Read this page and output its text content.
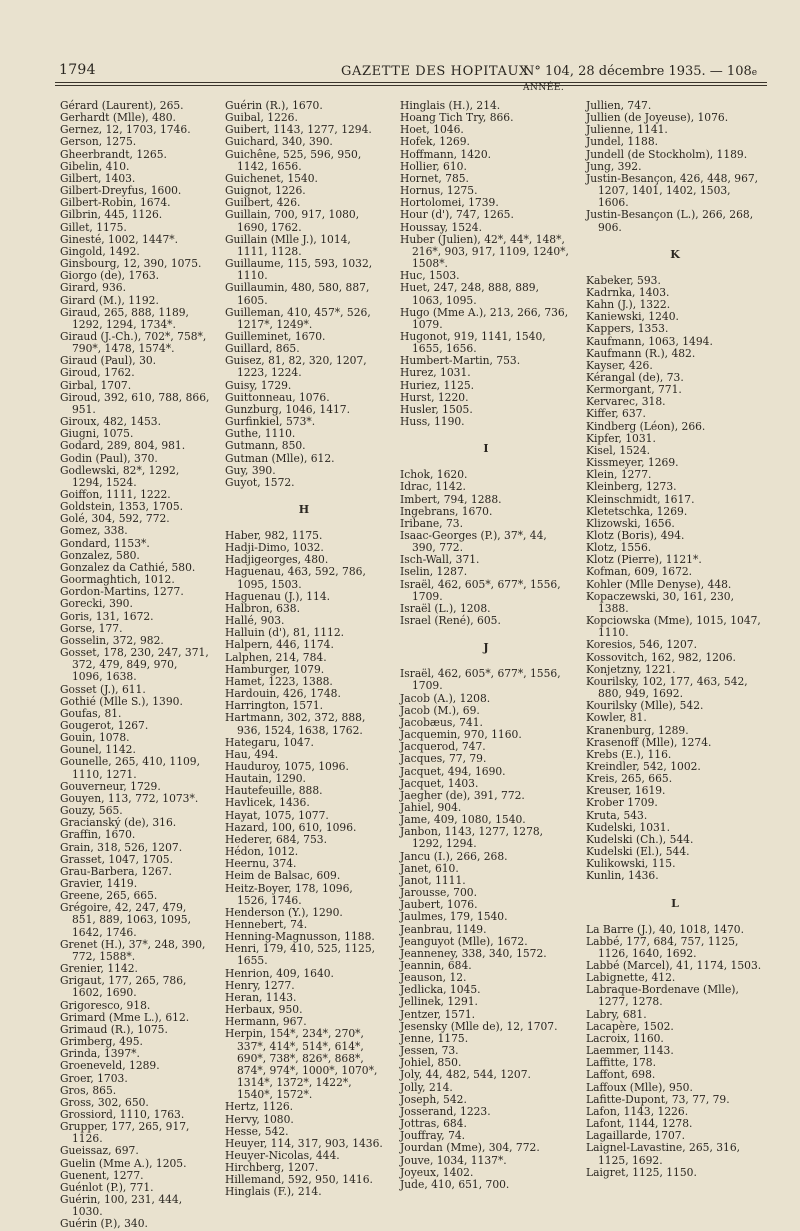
1794	GAZETTE DES HOPITAUX
N° 104, 28 décembre 1935. — 108e ANNÉE.
Gérard (Laurent), 265.
Gerhardt (Mlle), 480.
Gernez, 12, 1703, 1746.
Gerson, 1275.
Gheerbrandt, 1265.
Gibelin, 410.
Gilbert, 1403.
Gilbert-Dreyfus, 1600.
Gilbert-Robin, 1674.
Gilbrin, 445, 1126.
Gillet, 1175.
Ginesté, 1002, 1447*.
Gingold, 1492.
Ginsbourg, 12, 390, 1075.
Giorgo (de), 1763.
Girard, 936.
Girard (M.), 1192.
Giraud, 265, 888, 1189, 1292, 1294, 1734*.
Giraud (J.-Ch.), 702*, 758*, 790*, 1478, 1574*.
Giraud (Paul), 30.
Giroud, 1762.
Girbal, 1707.
Giroud, 392, 610, 788, 866, 951.
Giroux, 482, 1453.
Giugni, 1075.
Godard, 289, 804, 981.
Godin (Paul), 370.
Godlewski, 82*, 1292, 1294, 1524.
Goiffon, 1111, 1222.
Goldstein, 1353, 1705.
Golé, 304, 592, 772.
Gomez, 338.
Gondard, 1153*.
Gonzalez, 580.
Gonzalez da Cathié, 580.
Goormaghtich, 1012.
Gordon-Martins, 1277.
Gorecki, 390.
Goris, 131, 1672.
Gorse, 177.
Gosselin, 372, 982.
Gosset, 178, 230, 247, 371, 372, 479, 849, 970, 1096, 1638.
Gosset (J.), 611.
Gothié (Mlle S.), 1390.
Goufas, 81.
Gougerot, 1267.
Gouin, 1078.
Gounel, 1142.
Gounelle, 265, 410, 1109, 1110, 1271.
Gouverneur, 1729.
Gouyen, 113, 772, 1073*.
Gouzy, 565.
Gracianský (de), 316.
Graffin, 1670.
Grain, 318, 526, 1207.
Grasset, 1047, 1705.
Grau-Barbera, 1267.
Gravier, 1419.
Greene, 265, 665.
Grégoire, 42, 247, 479, 851, 889, 1063, 1095, 1642, 1746.
Grenet (H.), 37*, 248, 390, 772, 1588*.
Grenier, 1142.
Grigaut, 177, 265, 786, 1602, 1690.
Grigoresco, 918.
Grimard (Mme L.), 612.
Grimaud (R.), 1075.
Grimberg, 495.
Grinda, 1397*.
Groeneveld, 1289.
Groer, 1703.
Gros, 865.
Gross, 302, 650.
Grossiord, 1110, 1763.
Grupper, 177, 265, 917, 1126.
Gueissaz, 697.
Guelin (Mme A.), 1205.
Guenent, 1277.
Guénlot (P.), 771.
Guérin, 100, 231, 444, 1030.
Guérin (P.), 340.
Guérin (R.), 1670.
Guibal, 1226.
Guibert, 1143, 1277, 1294.
Guichard, 340, 390.
Guichêne, 525, 596, 950, 1142, 1656.
Guichenet, 1540.
Guignot, 1226.
Guilbert, 426.
Guillain, 700, 917, 1080, 1690, 1762.
Guillain (Mlle J.), 1014, 1111, 1128.
Guillaume, 115, 593, 1032, 1110.
Guillaumin, 480, 580, 887, 1605.
Guilleman, 410, 457*, 526, 1217*, 1249*.
Guilleminet, 1670.
Guillard, 865.
Guisez, 81, 82, 320, 1207, 1223, 1224.
Guisy, 1729.
Guittonneau, 1076.
Gunzburg, 1046, 1417.
Gurfinkiel, 573*.
Guthe, 1110.
Gutmann, 850.
Gutman (Mlle), 612.
Guy, 390.
Guyot, 1572.
H
Haber, 982, 1175.
Hadji-Dimo, 1032.
Hadjigeorges, 480.
Haguenau, 463, 592, 786, 1095, 1503.
Haguenau (J.), 114.
Halbron, 638.
Hallé, 903.
Halluin (d'), 81, 1112.
Halpern, 446, 1174.
Lalphen, 214, 784.
Hamburger, 1079.
Hamet, 1223, 1388.
Hardouin, 426, 1748.
Harrington, 1571.
Hartmann, 302, 372, 888, 936, 1524, 1638, 1762.
Hategaru, 1047.
Hau, 494.
Hauduroy, 1075, 1096.
Hautain, 1290.
Hautefeuille, 888.
Havlicek, 1436.
Hayat, 1075, 1077.
Hazard, 100, 610, 1096.
Hederer, 684, 753.
Hédon, 1012.
Heernu, 374.
Heim de Balsac, 609.
Heitz-Boyer, 178, 1096, 1526, 1746.
Henderson (Y.), 1290.
Hennebert, 74.
Henning-Magnusson, 1188.
Henri, 179, 410, 525, 1125, 1655.
Henrion, 409, 1640.
Henry, 1277.
Heran, 1143.
Herbaux, 950.
Hermann, 967.
Herpin, 154*, 234*, 270*, 337*, 414*, 514*, 614*, 690*, 738*, 826*, 868*, 874*, 974*, 1000*, 1070*, 1314*, 1372*, 1422*, 1540*, 1572*.
Hertz, 1126.
Hervy, 1080.
Hesse, 542.
Heuyer, 114, 317, 903, 1436.
Heuyer-Nicolas, 444.
Hirchberg, 1207.
Hillemand, 592, 950, 1416.
Hinglais (F.), 214.
Hinglais (H.), 214.
Hoang Tich Try, 866.
Hoet, 1046.
Hofek, 1269.
Hoffmann, 1420.
Hollier, 610.
Hornet, 785.
Hornus, 1275.
Hortolomei, 1739.
Hour (d'), 747, 1265.
Houssay, 1524.
Huber (Julien), 42*, 44*, 148*, 216*, 903, 917, 1109, 1240*, 1508*.
Huc, 1503.
Huet, 247, 248, 888, 889, 1063, 1095.
Hugo (Mme A.), 213, 266, 736, 1079.
Hugonot, 919, 1141, 1540, 1655, 1656.
Humbert-Martin, 753.
Hurez, 1031.
Huriez, 1125.
Hurst, 1220.
Husler, 1505.
Huss, 1190.
I
Ichok, 1620.
Idrac, 1142.
Imbert, 794, 1288.
Ingebrans, 1670.
Iribane, 73.
Isaac-Georges (P.), 37*, 44, 390, 772.
Isch-Wall, 371.
Iselin, 1287.
Israël, 462, 605*, 677*, 1556, 1709.
Israël (L.), 1208.
Israel (René), 605.
J
Israël, 462, 605*, 677*, 1556, 1709.
Jacob (A.), 1208.
Jacob (M.), 69.
Jacobæus, 741.
Jacquemin, 970, 1160.
Jacquerod, 747.
Jacques, 77, 79.
Jacquet, 494, 1690.
Jacquet, 1403.
Jaegher (de), 391, 772.
Jahiel, 904.
Jame, 409, 1080, 1540.
Janbon, 1143, 1277, 1278, 1292, 1294.
Jancu (I.), 266, 268.
Janet, 610.
Janot, 1111.
Jarousse, 700.
Jaubert, 1076.
Jaulmes, 179, 1540.
Jeanbrau, 1149.
Jeanguyot (Mlle), 1672.
Jeanneney, 338, 340, 1572.
Jeannin, 684.
Jeauson, 12.
Jedlicka, 1045.
Jellinek, 1291.
Jentzer, 1571.
Jesensky (Mlle de), 12, 1707.
Jenne, 1175.
Jessen, 73.
Johiel, 850.
Joly, 44, 482, 544, 1207.
Jolly, 214.
Joseph, 542.
Josserand, 1223.
Jottras, 684.
Jouffray, 74.
Jourdan (Mme), 304, 772.
Jouve, 1034, 1137*.
Joyeux, 1402.
Jude, 410, 651, 700.
Jullien, 747.
Jullien (de Joyeuse), 1076.
Julienne, 1141.
Jundel, 1188.
Jundell (de Stockholm), 1189.
Jung, 392.
Justin-Besançon, 426, 448, 967, 1207, 1401, 1402, 1503, 1606.
Justin-Besançon (L.), 266, 268, 906.
K
Kabeker, 593.
Kadrnka, 1403.
Kahn (J.), 1322.
Kaniewski, 1240.
Kappers, 1353.
Kaufmann, 1063, 1494.
Kaufmann (R.), 482.
Kayser, 426.
Kérangal (de), 73.
Kermorgant, 771.
Kervarec, 318.
Kiffer, 637.
Kindberg (Léon), 266.
Kipfer, 1031.
Kisel, 1524.
Kissmeyer, 1269.
Klein, 1277.
Kleinberg, 1273.
Kleinschmidt, 1617.
Kletetschka, 1269.
Klizowski, 1656.
Klotz (Boris), 494.
Klotz, 1556.
Klotz (Pierre), 1121*.
Kofman, 609, 1672.
Kohler (Mlle Denyse), 448.
Kopaczewski, 30, 161, 230, 1388.
Kopciowska (Mme), 1015, 1047, 1110.
Koresios, 546, 1207.
Kossovitch, 162, 982, 1206.
Konjetzny, 1221.
Kourilsky, 102, 177, 463, 542, 880, 949, 1692.
Kourilsky (Mlle), 542.
Kowler, 81.
Kranenburg, 1289.
Krasenoff (Mlle), 1274.
Krebs (E.), 116.
Kreindler, 542, 1002.
Kreis, 265, 665.
Kreuser, 1619.
Krober 1709.
Kruta, 543.
Kudelski, 1031.
Kudelski (Ch.), 544.
Kudelski (El.), 544.
Kulikowski, 115.
Kunlin, 1436.
L
La Barre (J.), 40, 1018, 1470.
Labbé, 177, 684, 757, 1125, 1126, 1640, 1692.
Labbé (Marcel), 41, 1174, 1503.
Labignette, 412.
Labraque-Bordenave (Mlle), 1277, 1278.
Labry, 681.
Lacapère, 1502.
Lacroix, 1160.
Laemmer, 1143.
Laffitte, 178.
Laffont, 698.
Laffoux (Mlle), 950.
Lafitte-Dupont, 73, 77, 79.
Lafon, 1143, 1226.
Lafont, 1144, 1278.
Lagaillarde, 1707.
Laignel-Lavastine, 265, 316, 1125, 1692.
Laigret, 1125, 1150.
